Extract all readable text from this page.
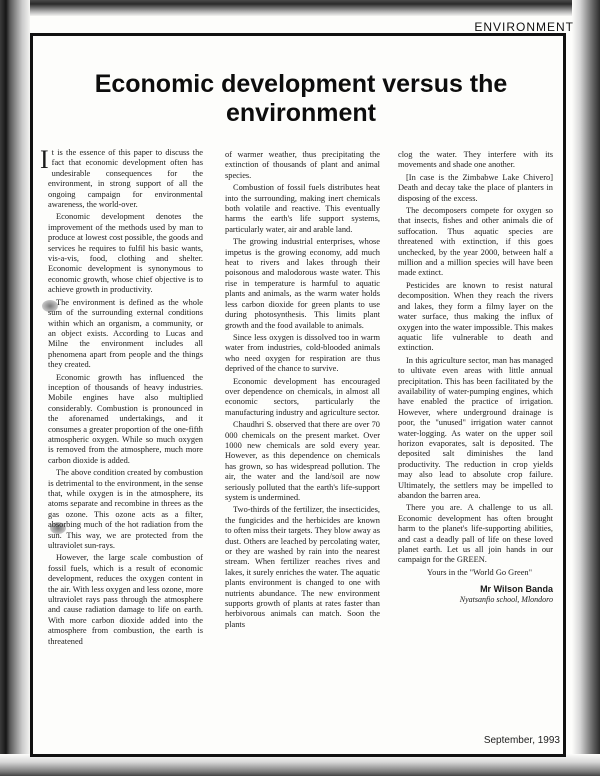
ENVIRONMENT
Economic development versus the environment

It is the essence of this paper to discuss the fact that economic development often has undesirable consequences for the environment, in strong support of all the ongoing campaign for environmental awareness, the world-over.

Economic development denotes the improvement of the methods used by man to produce at lowest cost possible, the goods and services he requires to fulfil his basic wants, vis-a-vis, food, clothing and shelter. Economic development is synonymous to economic growth, whose chief objective is to achieve growth in productivity.

The environment is defined as the whole sum of the surrounding external conditions within which an organism, a community, or an object exists. According to Lucas and Milne the environment includes all phenomena apart from people and the things they created.

Economic growth has influenced the inception of thousands of heavy industries. Mobile engines have also multiplied considerably. Combustion is pronounced in the aforenamed undertakings, and it consumes a greater proportion of the one-fifth atmospheric oxygen. While so much oxygen is removed from the atmosphere, much more carbon dioxide is added.

The above condition created by combustion is detrimental to the environment, in the sense that, while oxygen is in the atmosphere, its atoms separate and recombine in threes as the gas ozone. This ozone acts as a filter, absorbing much of the hot radiation from the sun. This way, we are protected from the ultraviolet sun-rays.

However, the large scale combustion of fossil fuels, which is a result of economic development, reduces the oxygen content in the air. With less oxygen and less ozone, more ultraviolet rays pass through the atmosphere and cause radiation damage to life on earth. With more carbon dioxide added into the atmosphere from combustion, the earth is threatened

of warmer weather, thus precipitating the extinction of thousands of plant and animal species.

Combustion of fossil fuels distributes heat into the surrounding, making inert chemicals both volatile and reactive. This eventually harms the earth's life support systems, particularly water, air and arable land.

The growing industrial enterprises, whose impetus is the growing economy, add much heat to rivers and lakes through their poisonous and malodorous waste water. This rise in temperature is harmful to aquatic plants and animals, as the warm water holds less carbon dioxide for green plants to use during photosynthesis. This limits plant growth and the food available to animals.

Since less oxygen is dissolved too in warm water from industries, cold-blooded animals who need oxygen for respiration are thus deprived of the chance to survive.

Economic development has encouraged over dependence on chemicals, in almost all economic sectors, particularly the manufacturing industry and agriculture sector.

Chaudhri S. observed that there are over 70 000 chemicals on the present market. Over 1000 new chemicals are sold every year. However, as this dependence on chemicals has grown, so has widespread pollution. The air, the water and the land/soil are now seriously polluted that the earth's life-support system is undermined.

Two-thirds of the fertilizer, the insecticides, the fungicides and the herbicides are known to often miss their targets. They blow away as dust. Others are leached by percolating water, or they are washed by rain into the nearest stream. When fertilizer reaches rives and lakes, it surely enriches the water. The aquatic plants environment is changed to one with nutrients abundance. The new environment supports growth of plants at rates faster than herbivorous animals can match. Soon the plants

clog the water. They interfere with its movements and shade one another.

[In case is the Zimbabwe Lake Chivero] Death and decay take the place of planters in disposing of the excess.

The decomposers compete for oxygen so that insects, fishes and other animals die of suffocation. Thus aquatic species are threatened with extinction, if this goes unchecked, by the year 2000, between half a million and a million species will have been made extinct.

Pesticides are known to resist natural decomposition. When they reach the rivers and lakes, they form a filmy layer on the water surface, thus making the influx of oxygen into the water impossible. This makes aquatic life vulnerable to death and extinction.

In this agriculture sector, man has managed to ultivate even areas with little annual precipitation. This has been facilitated by the availability of water-pumping engines, which have enabled the practice of irrigation. However, where underground drainage is poor, the "unused" irrigation water cannot water-logging. As water on the upper soil horizon evaporates, salt is deposited. The deposited salt diminishes the land productivity. The reduction in crop yields may also lead to absolute crop failure. Ultimately, the settlers may be impelled to abandon the barren area.

There you are. A challenge to us all. Economic development has often brought harm to the planet's life-supporting abilities, and cast a deadly pall of life on these loved planet earth. Let us all join hands in our campaign for the GREEN.

Yours in the "World Go Green"

Mr Wilson Banda
Nyatsanfio school, Mlondoro
September, 1993
